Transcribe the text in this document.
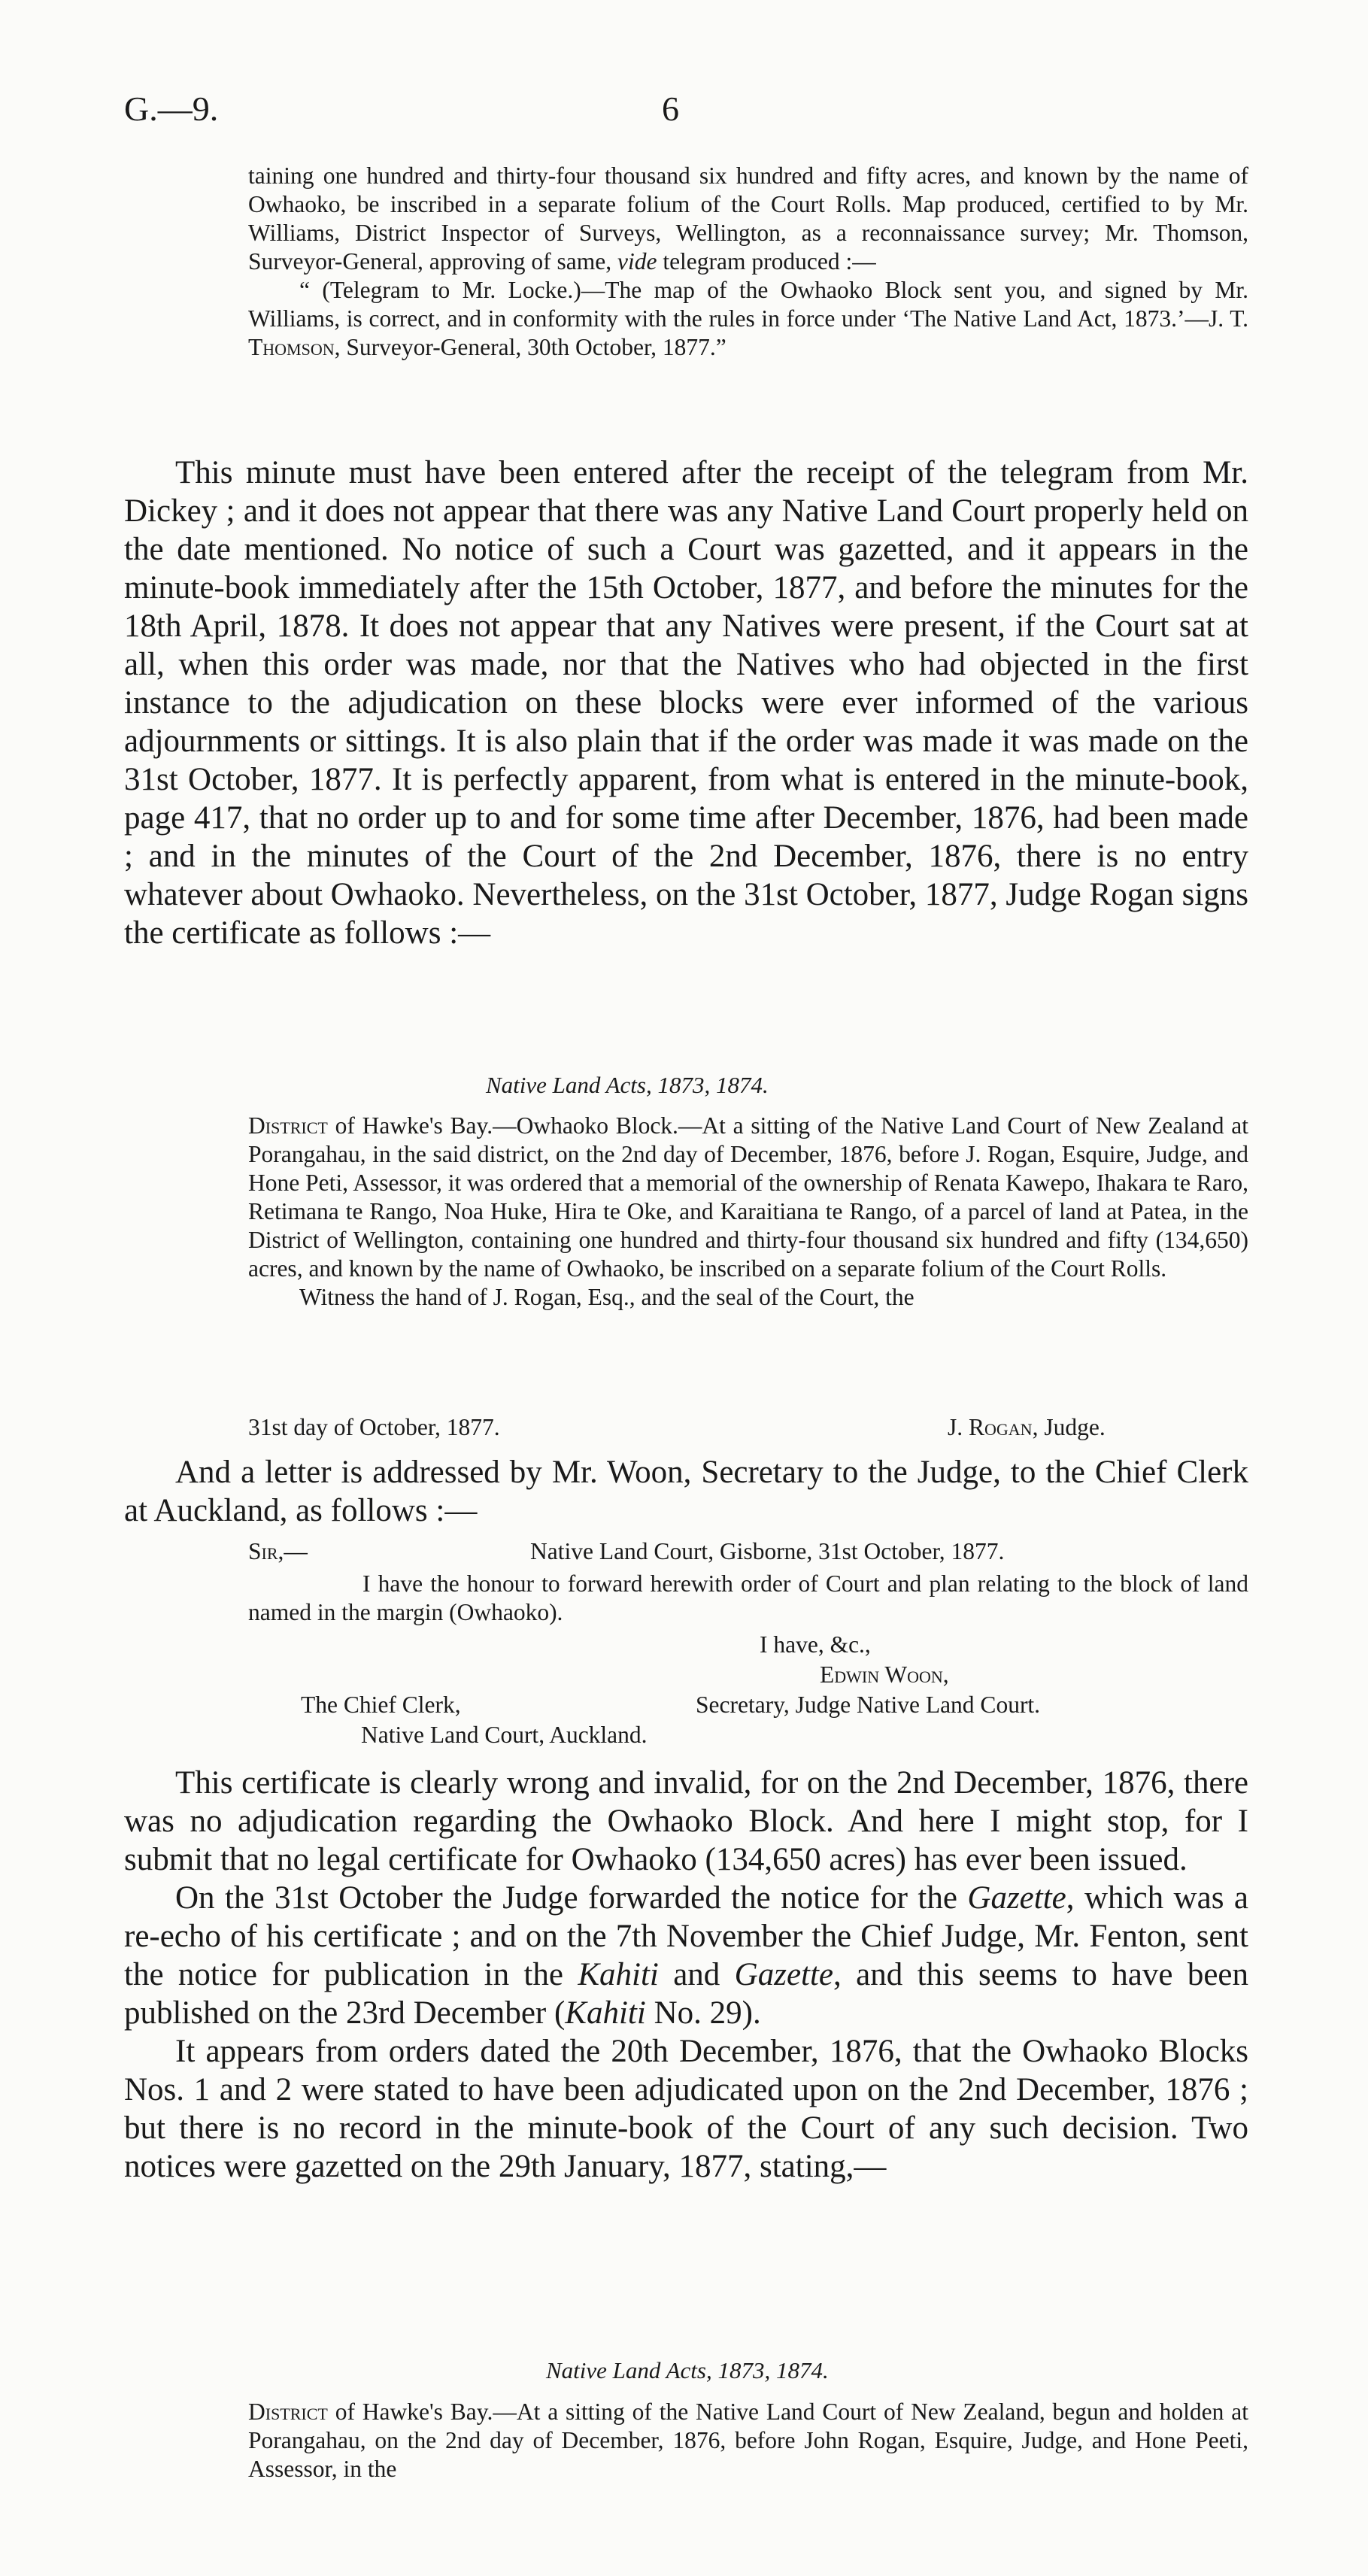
G.—9.	6

taining one hundred and thirty-four thousand six hundred and fifty acres, and known by the name of Owhaoko, be inscribed in a separate folium of the Court Rolls. Map produced, certified to by Mr. Williams, District Inspector of Surveys, Wellington, as a reconnaissance survey; Mr. Thomson, Surveyor-General, approving of same, vide telegram produced :—

“ (Telegram to Mr. Locke.)—The map of the Owhaoko Block sent you, and signed by Mr. Williams, is correct, and in conformity with the rules in force under ‘The Native Land Act, 1873.’—J. T. Thomson, Surveyor-General, 30th October, 1877.”

This minute must have been entered after the receipt of the telegram from Mr. Dickey ; and it does not appear that there was any Native Land Court properly held on the date mentioned. No notice of such a Court was gazetted, and it appears in the minute-book immediately after the 15th October, 1877, and before the minutes for the 18th April, 1878. It does not appear that any Natives were present, if the Court sat at all, when this order was made, nor that the Natives who had objected in the first instance to the adjudication on these blocks were ever informed of the various adjournments or sittings. It is also plain that if the order was made it was made on the 31st October, 1877. It is perfectly apparent, from what is entered in the minute-book, page 417, that no order up to and for some time after December, 1876, had been made ; and in the minutes of the Court of the 2nd December, 1876, there is no entry whatever about Owhaoko. Nevertheless, on the 31st October, 1877, Judge Rogan signs the certificate as follows :—

Native Land Acts, 1873, 1874.

District of Hawke's Bay.—Owhaoko Block.—At a sitting of the Native Land Court of New Zealand at Porangahau, in the said district, on the 2nd day of December, 1876, before J. Rogan, Esquire, Judge, and Hone Peti, Assessor, it was ordered that a memorial of the ownership of Renata Kawepo, Ihakara te Raro, Retimana te Rango, Noa Huke, Hira te Oke, and Karaitiana te Rango, of a parcel of land at Patea, in the District of Wellington, containing one hundred and thirty-four thousand six hundred and fifty (134,650) acres, and known by the name of Owhaoko, be inscribed on a separate folium of the Court Rolls.

Witness the hand of J. Rogan, Esq., and the seal of the Court, the

31st day of October, 1877.	J. Rogan, Judge.

And a letter is addressed by Mr. Woon, Secretary to the Judge, to the Chief Clerk at Auckland, as follows :—

Sir,—	Native Land Court, Gisborne, 31st October, 1877.

I have the honour to forward herewith order of Court and plan relating to the block of land named in the margin (Owhaoko).

I have, &c.,
Edwin Woon,
The Chief Clerk,	Secretary, Judge Native Land Court.
Native Land Court, Auckland.

This certificate is clearly wrong and invalid, for on the 2nd December, 1876, there was no adjudication regarding the Owhaoko Block. And here I might stop, for I submit that no legal certificate for Owhaoko (134,650 acres) has ever been issued.

On the 31st October the Judge forwarded the notice for the Gazette, which was a re-echo of his certificate ; and on the 7th November the Chief Judge, Mr. Fenton, sent the notice for publication in the Kahiti and Gazette, and this seems to have been published on the 23rd December (Kahiti No. 29).

It appears from orders dated the 20th December, 1876, that the Owhaoko Blocks Nos. 1 and 2 were stated to have been adjudicated upon on the 2nd December, 1876 ; but there is no record in the minute-book of the Court of any such decision. Two notices were gazetted on the 29th January, 1877, stating,—

Native Land Acts, 1873, 1874.

District of Hawke's Bay.—At a sitting of the Native Land Court of New Zealand, begun and holden at Porangahau, on the 2nd day of December, 1876, before John Rogan, Esquire, Judge, and Hone Peeti, Assessor, in the
